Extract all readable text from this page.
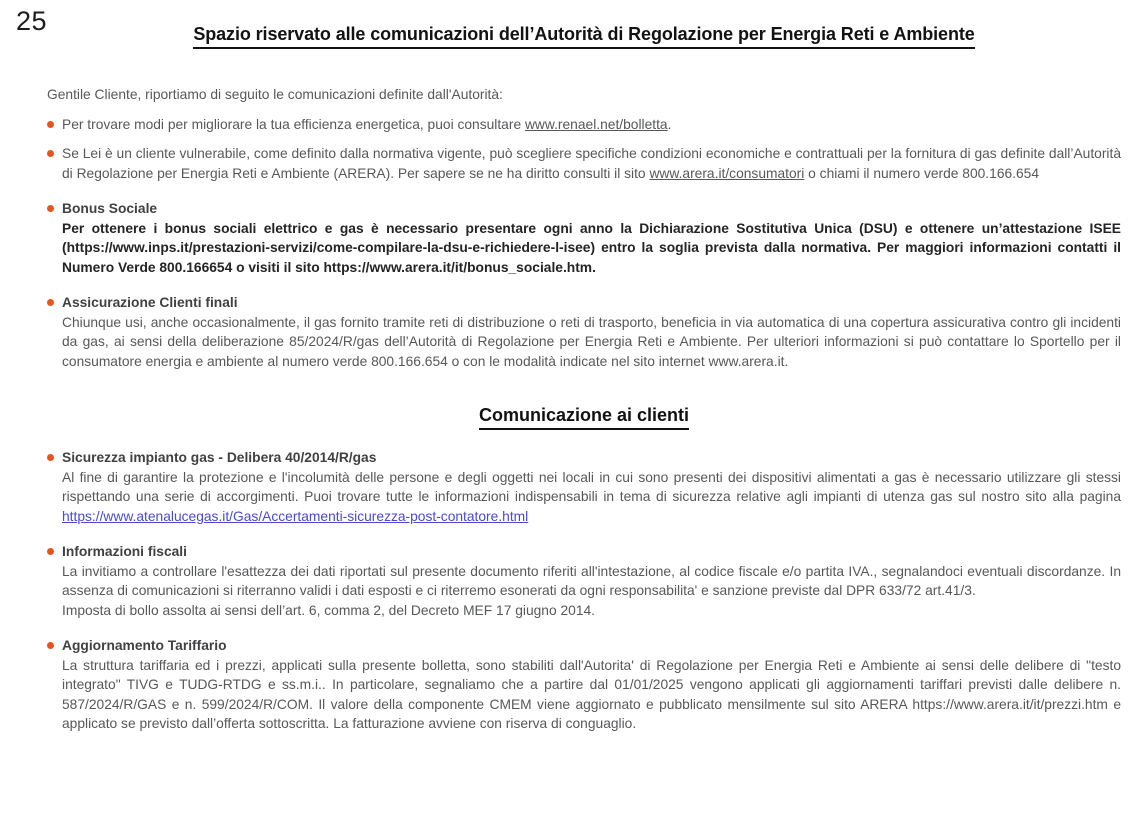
25	Spazio riservato alle comunicazioni dell’Autorità di Regolazione per Energia Reti e Ambiente

Gentile Cliente, riportiamo di seguito le comunicazioni definite dall'Autorità:

Per trovare modi per migliorare la tua efficienza energetica, puoi consultare www.renael.net/bolletta.
Se Lei è un cliente vulnerabile, come definito dalla normativa vigente, può scegliere specifiche condizioni economiche e contrattuali per la fornitura di gas definite dall’Autorità di Regolazione per Energia Reti e Ambiente (ARERA). Per sapere se ne ha diritto consulti il sito www.arera.it/consumatori o chiami il numero verde 800.166.654
Bonus Sociale
Per ottenere i bonus sociali elettrico e gas è necessario presentare ogni anno la Dichiarazione Sostitutiva Unica (DSU) e ottenere un’attestazione ISEE (https://www.inps.it/prestazioni-servizi/come-compilare-la-dsu-e-richiedere-l-isee) entro la soglia prevista dalla normativa. Per maggiori informazioni contatti il Numero Verde 800.166654 o visiti il sito https://www.arera.it/it/bonus_sociale.htm.
Assicurazione Clienti finali
Chiunque usi, anche occasionalmente, il gas fornito tramite reti di distribuzione o reti di trasporto, beneficia in via automatica di una copertura assicurativa contro gli incidenti da gas, ai sensi della deliberazione 85/2024/R/gas dell’Autorità di Regolazione per Energia Reti e Ambiente. Per ulteriori informazioni si può contattare lo Sportello per il consumatore energia e ambiente al numero verde 800.166.654 o con le modalità indicate nel sito internet www.arera.it.
Comunicazione ai clienti
Sicurezza impianto gas - Delibera 40/2014/R/gas
Al fine di garantire la protezione e l'incolumità delle persone e degli oggetti nei locali in cui sono presenti dei dispositivi alimentati a gas è necessario utilizzare gli stessi rispettando una serie di accorgimenti. Puoi trovare tutte le informazioni indispensabili in tema di sicurezza relative agli impianti di utenza gas sul nostro sito alla pagina https://www.atenalucegas.it/Gas/Accertamenti-sicurezza-post-contatore.html
Informazioni fiscali
La invitiamo a controllare l'esattezza dei dati riportati sul presente documento riferiti all'intestazione, al codice fiscale e/o partita IVA., segnalandoci eventuali discordanze. In assenza di comunicazioni si riterranno validi i dati esposti e ci riterremo esonerati da ogni responsabilita' e sanzione previste dal DPR 633/72 art.41/3.
Imposta di bollo assolta ai sensi dell’art. 6, comma 2, del Decreto MEF 17 giugno 2014.
Aggiornamento Tariffario
La struttura tariffaria ed i prezzi, applicati sulla presente bolletta, sono stabiliti dall'Autorita' di Regolazione per Energia Reti e Ambiente ai sensi delle delibere di "testo integrato" TIVG e TUDG-RTDG e ss.m.i.. In particolare, segnaliamo che a partire dal 01/01/2025 vengono applicati gli aggiornamenti tariffari previsti dalle delibere n. 587/2024/R/GAS e n. 599/2024/R/COM. Il valore della componente CMEM viene aggiornato e pubblicato mensilmente sul sito ARERA https://www.arera.it/it/prezzi.htm e applicato se previsto dall’offerta sottoscritta. La fatturazione avviene con riserva di conguaglio.
